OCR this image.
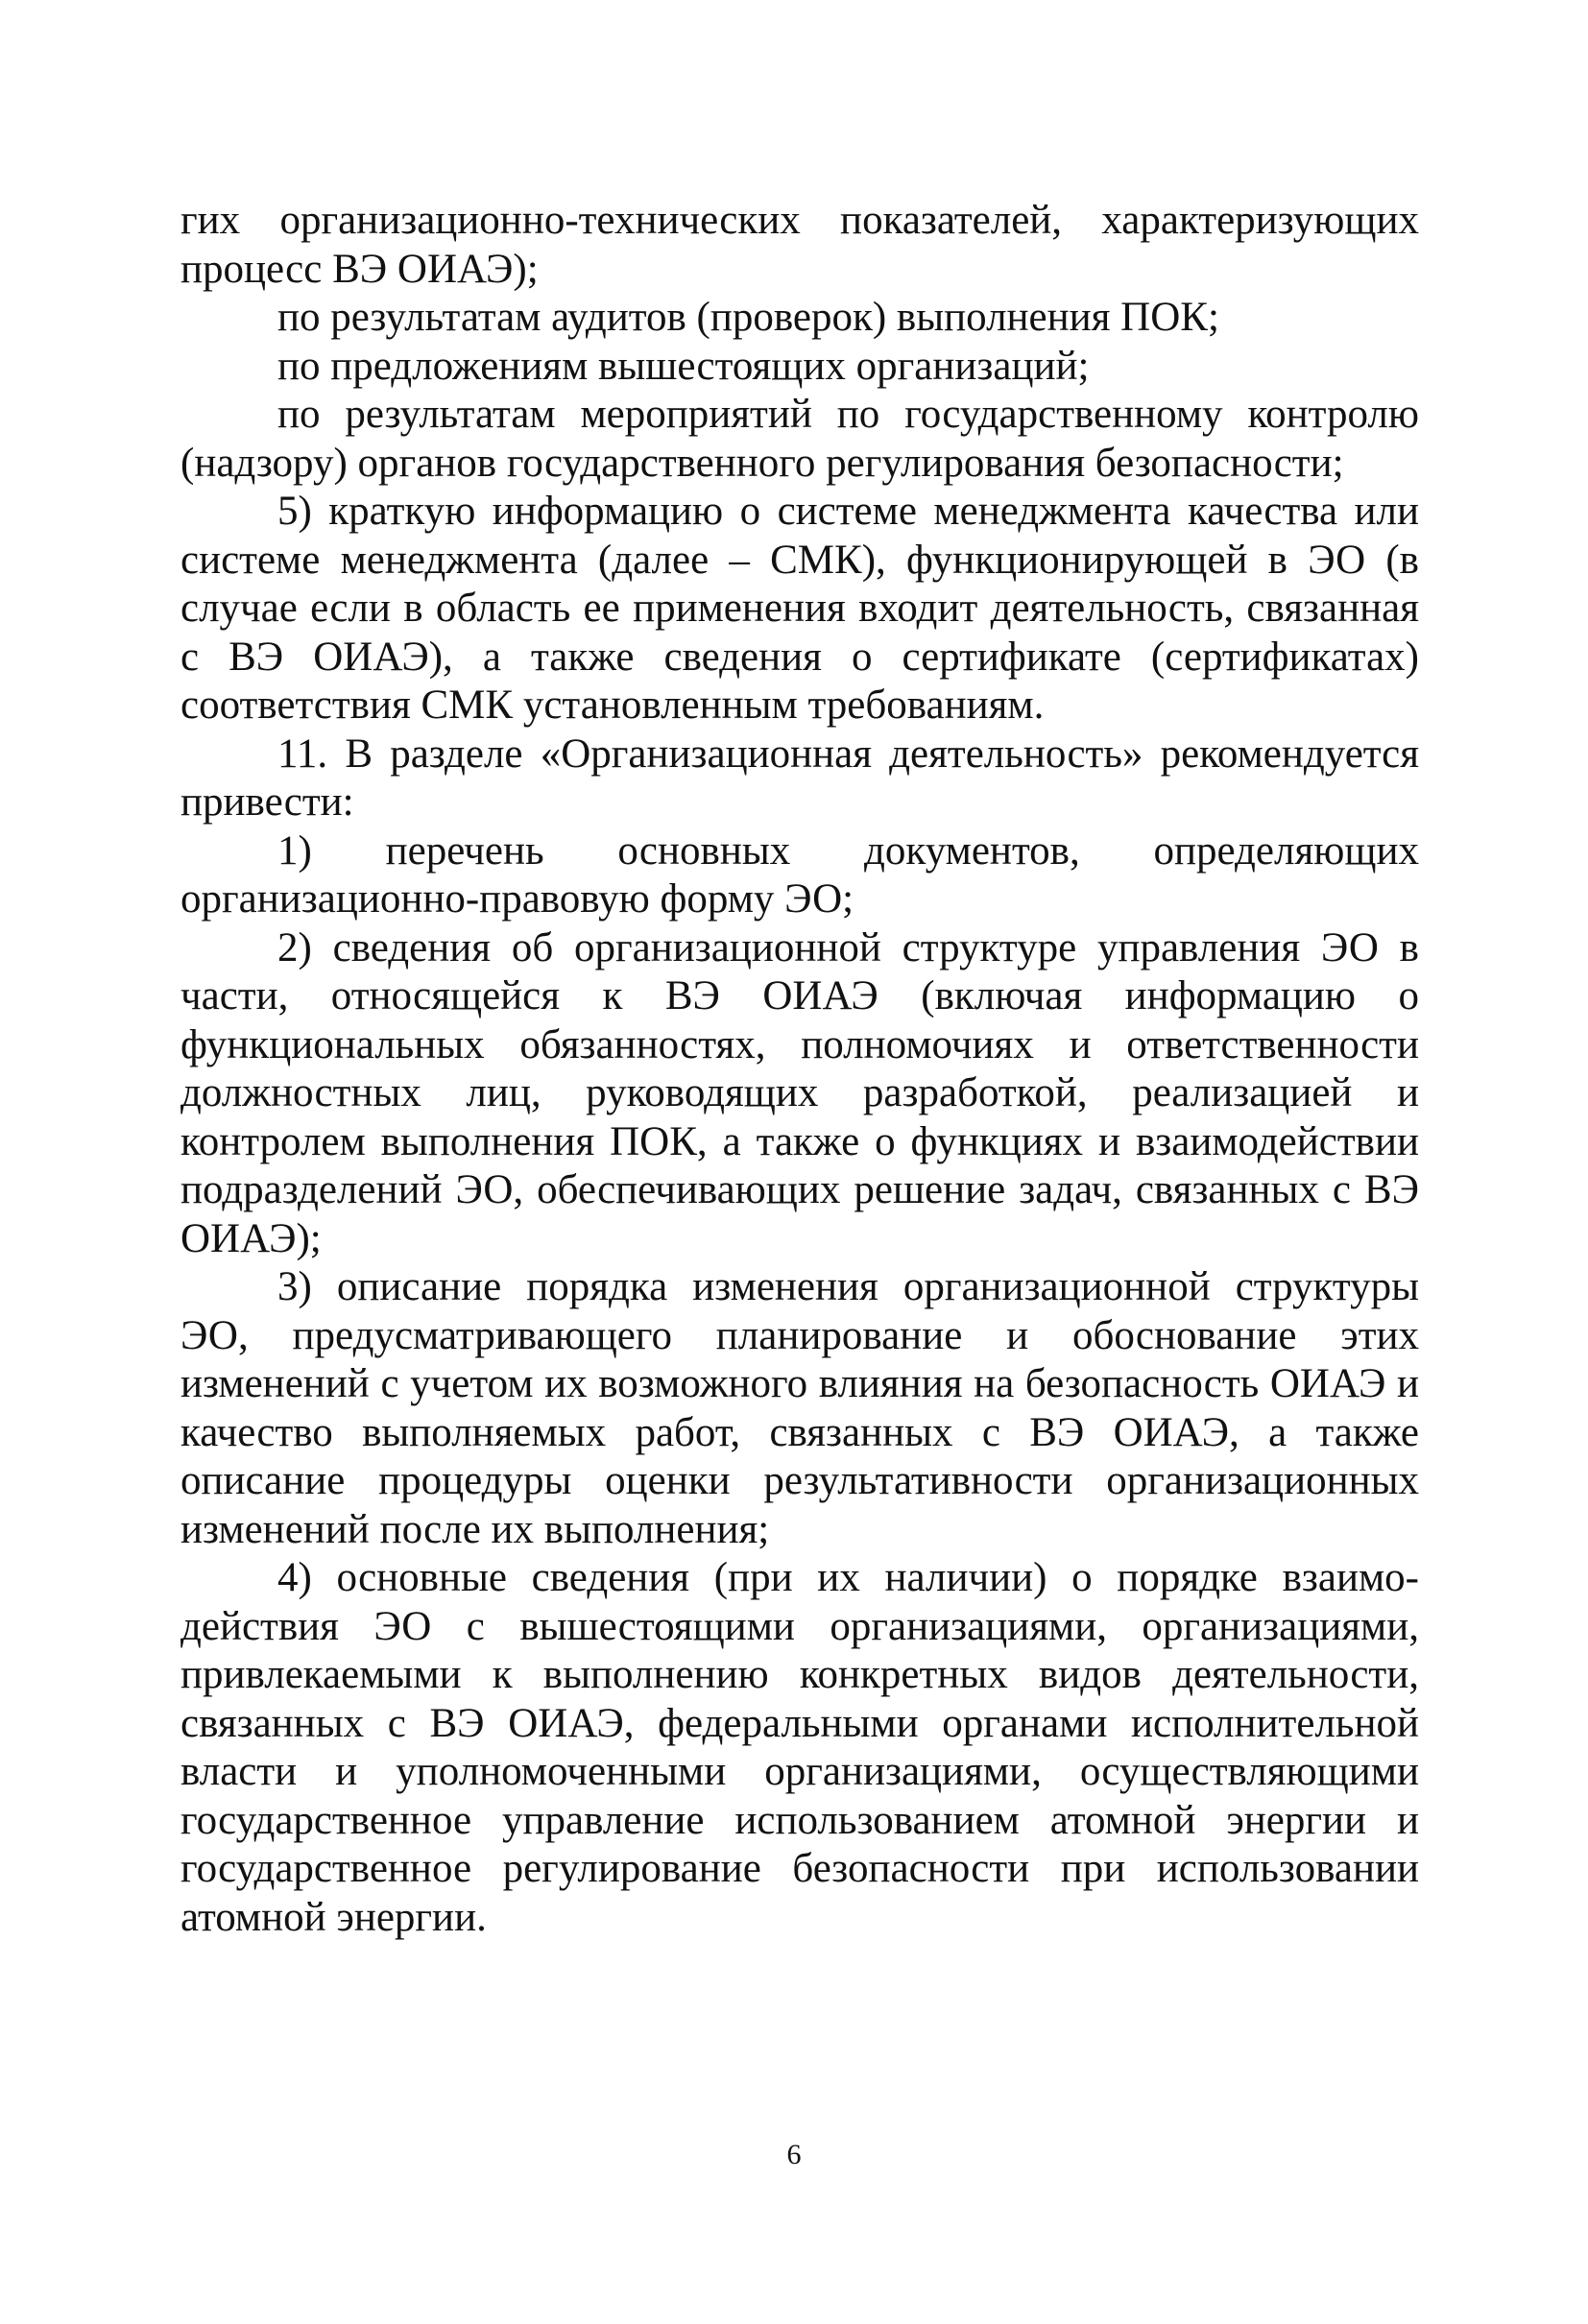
гих организационно-технических показателей, характеризующих процесс ВЭ ОИАЭ);

по результатам аудитов (проверок) выполнения ПОК;

по предложениям вышестоящих организаций;

по результатам мероприятий по государственному контролю (надзору) органов государственного регулирования безопасности;

5) краткую информацию о системе менеджмента качества или системе менеджмента (далее – СМК), функционирующей в ЭО (в случае если в область ее применения входит деятельность, связанная с ВЭ ОИАЭ), а также сведения о сертификате (сертификатах) соответствия СМК установленным требованиям.

11. В разделе «Организационная деятельность» рекомендуется привести:

1) перечень основных документов, определяющих организационно-правовую форму ЭО;

2) сведения об организационной структуре управления ЭО в части, относящейся к ВЭ ОИАЭ (включая информацию о функциональных обязанностях, полномочиях и ответственности должностных лиц, руководящих разработкой, реализацией и контролем выполнения ПОК, а также о функциях и взаимодействии подразделений ЭО, обеспечивающих решение задач, связанных с ВЭ ОИАЭ);

3) описание порядка изменения организационной структуры ЭО, предусматривающего планирование и обоснование этих изменений с учетом их возможного влияния на безопасность ОИАЭ и качество выполняемых работ, связанных с ВЭ ОИАЭ, а также описание процедуры оценки результативности организационных изменений после их выполнения;

4) основные сведения (при их наличии) о порядке взаимодействия ЭО с вышестоящими организациями, организациями, привлекаемыми к выполнению конкретных видов деятельности, связанных с ВЭ ОИАЭ, федеральными органами исполнительной власти и уполномоченными организациями, осуществляющими государственное управление использованием атомной энергии и государственное регулирование безопасности при использовании атомной энергии.

6
